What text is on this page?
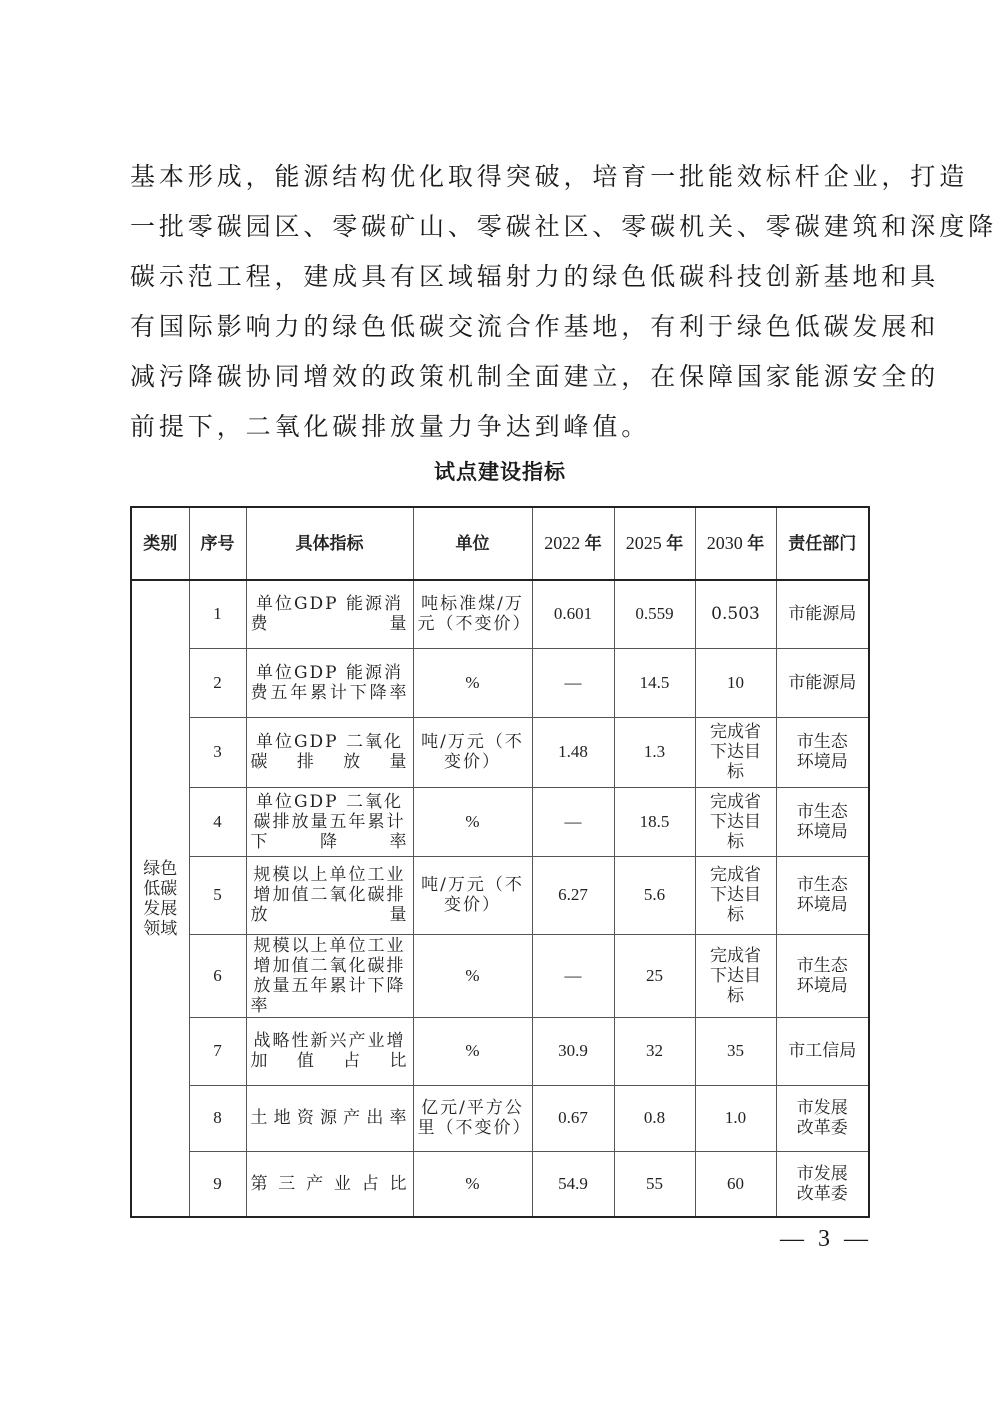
基本形成，能源结构优化取得突破，培育一批能效标杆企业，打造
一批零碳园区、零碳矿山、零碳社区、零碳机关、零碳建筑和深度降
碳示范工程，建成具有区域辐射力的绿色低碳科技创新基地和具
有国际影响力的绿色低碳交流合作基地，有利于绿色低碳发展和
减污降碳协同增效的政策机制全面建立，在保障国家能源安全的
前提下，二氧化碳排放量力争达到峰值。
试点建设指标
类别	序号	具体指标	单位	2022 年	2025 年	2030 年	责任部门
绿色低碳发展领域	1	单位GDP 能源消费量	吨标准煤/万元（不变价）	0.601	0.559	0.503	市能源局
	2	单位GDP 能源消费五年累计下降率	%	—	14.5	10	市能源局
	3	单位GDP 二氧化碳排放量	吨/万元（不变价）	1.48	1.3	完成省下达目标	市生态环境局
	4	单位GDP 二氧化碳排放量五年累计下降率	%	—	18.5	完成省下达目标	市生态环境局
	5	规模以上单位工业增加值二氧化碳排放量	吨/万元（不变价）	6.27	5.6	完成省下达目标	市生态环境局
	6	规模以上单位工业增加值二氧化碳排放量五年累计下降率	%	—	25	完成省下达目标	市生态环境局
	7	战略性新兴产业增加值占比	%	30.9	32	35	市工信局
	8	土地资源产出率	亿元/平方公里（不变价）	0.67	0.8	1.0	市发展改革委
	9	第三产业占比	%	54.9	55	60	市发展改革委
— 3 —
